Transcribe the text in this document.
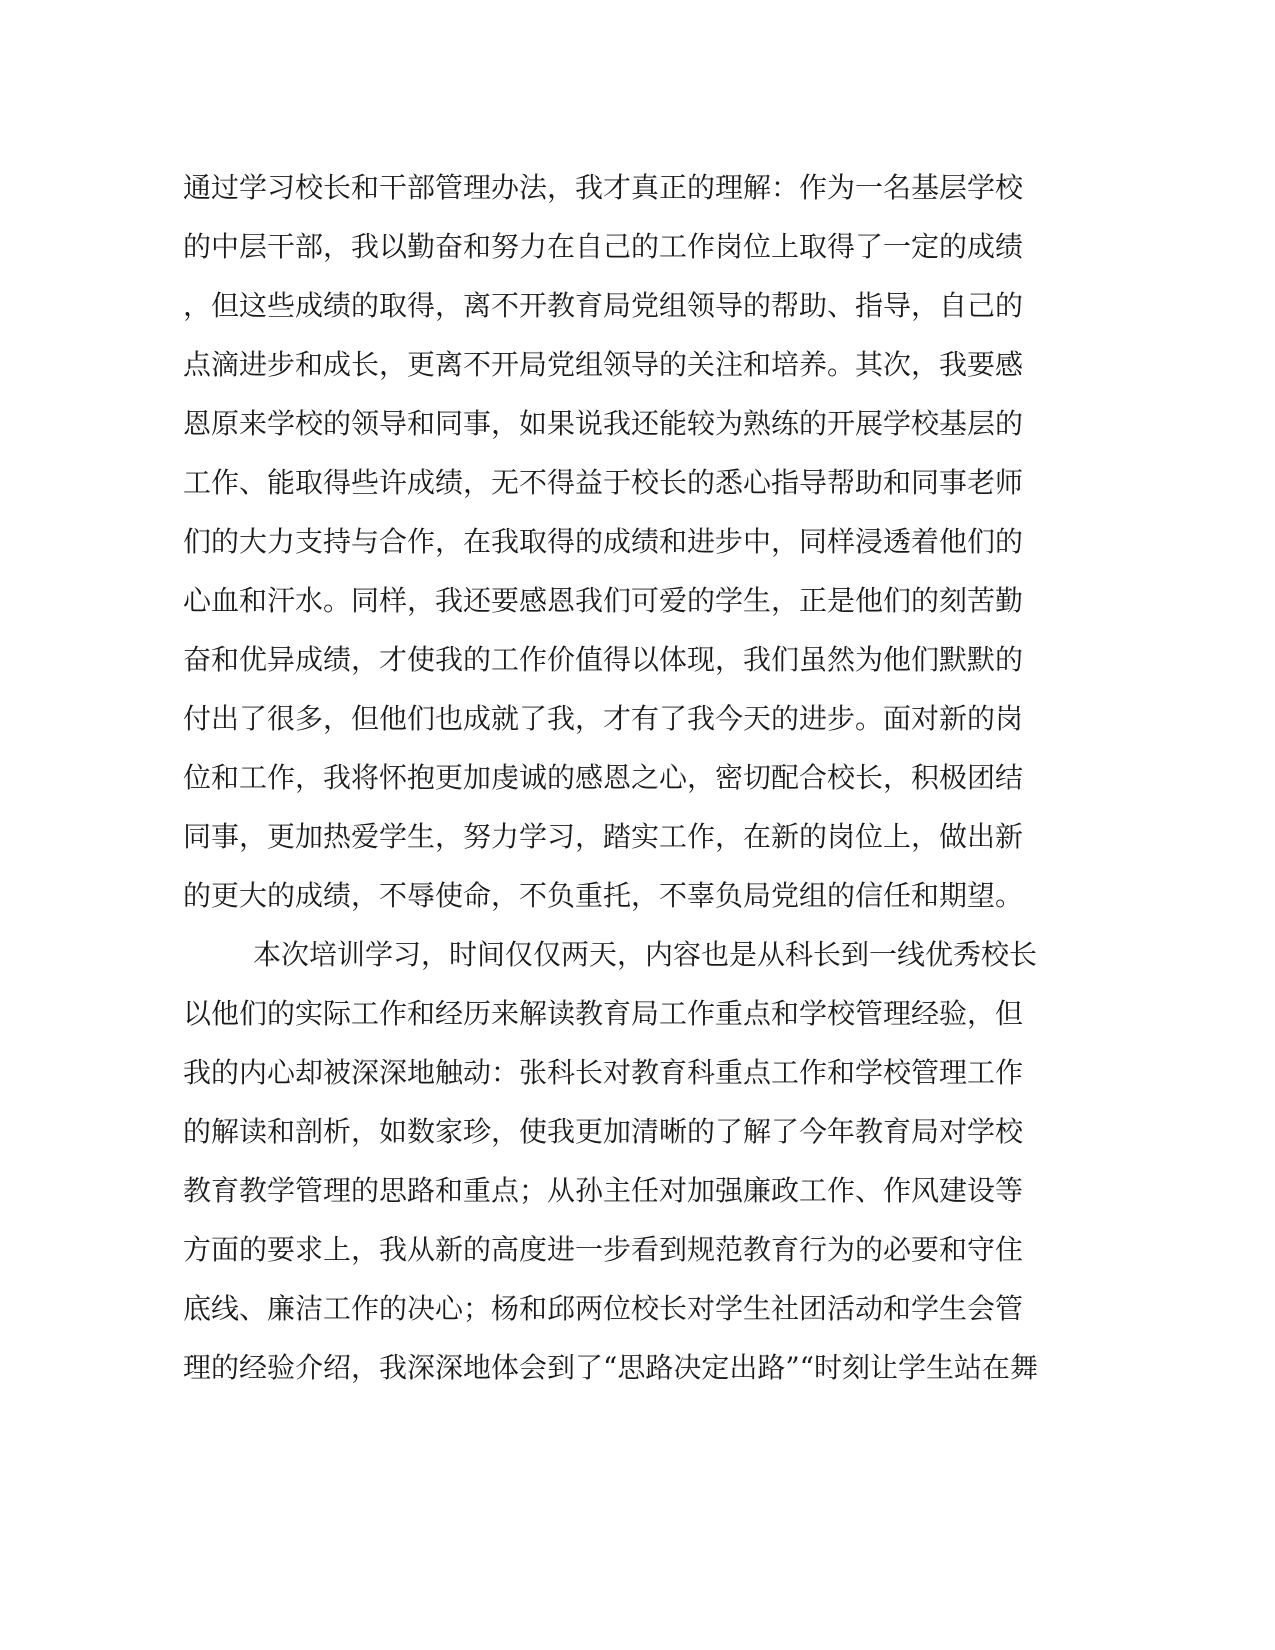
通过学习校长和干部管理办法，我才真正的理解：作为一名基层学校
的中层干部，我以勤奋和努力在自己的工作岗位上取得了一定的成绩
，但这些成绩的取得，离不开教育局党组领导的帮助、指导，自己的
点滴进步和成长，更离不开局党组领导的关注和培养。其次，我要感
恩原来学校的领导和同事，如果说我还能较为熟练的开展学校基层的
工作、能取得些许成绩，无不得益于校长的悉心指导帮助和同事老师
们的大力支持与合作，在我取得的成绩和进步中，同样浸透着他们的
心血和汗水。同样，我还要感恩我们可爱的学生，正是他们的刻苦勤
奋和优异成绩，才使我的工作价值得以体现，我们虽然为他们默默的
付出了很多，但他们也成就了我，才有了我今天的进步。面对新的岗
位和工作，我将怀抱更加虔诚的感恩之心，密切配合校长，积极团结
同事，更加热爱学生，努力学习，踏实工作，在新的岗位上，做出新
的更大的成绩，不辱使命，不负重托，不辜负局党组的信任和期望。
本次培训学习，时间仅仅两天，内容也是从科长到一线优秀校长
以他们的实际工作和经历来解读教育局工作重点和学校管理经验，但
我的内心却被深深地触动：张科长对教育科重点工作和学校管理工作
的解读和剖析，如数家珍，使我更加清晰的了解了今年教育局对学校
教育教学管理的思路和重点；从孙主任对加强廉政工作、作风建设等
方面的要求上，我从新的高度进一步看到规范教育行为的必要和守住
底线、廉洁工作的决心；杨和邱两位校长对学生社团活动和学生会管
理的经验介绍，我深深地体会到了“思路决定出路”“时刻让学生站在舞
